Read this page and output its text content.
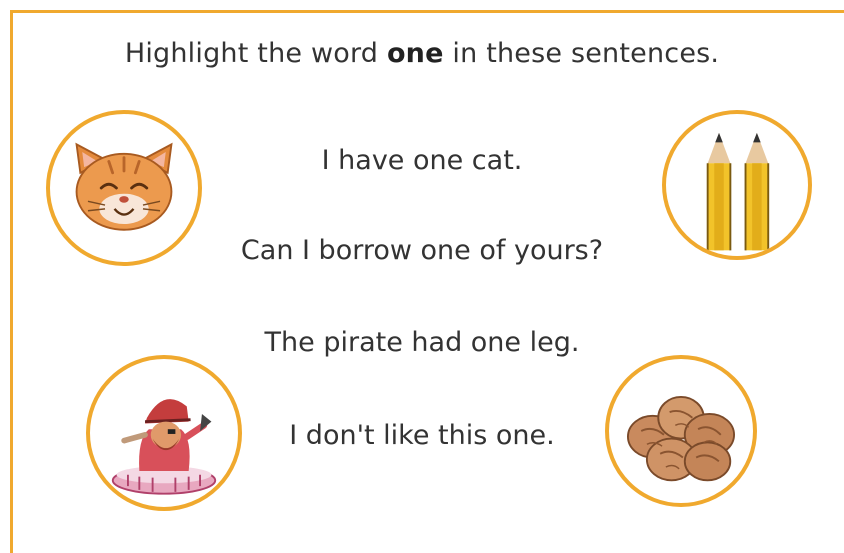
Highlight the word one in these sentences.
I have one cat.
Can I borrow one of yours?
The pirate had one leg.
I don't like this one.
